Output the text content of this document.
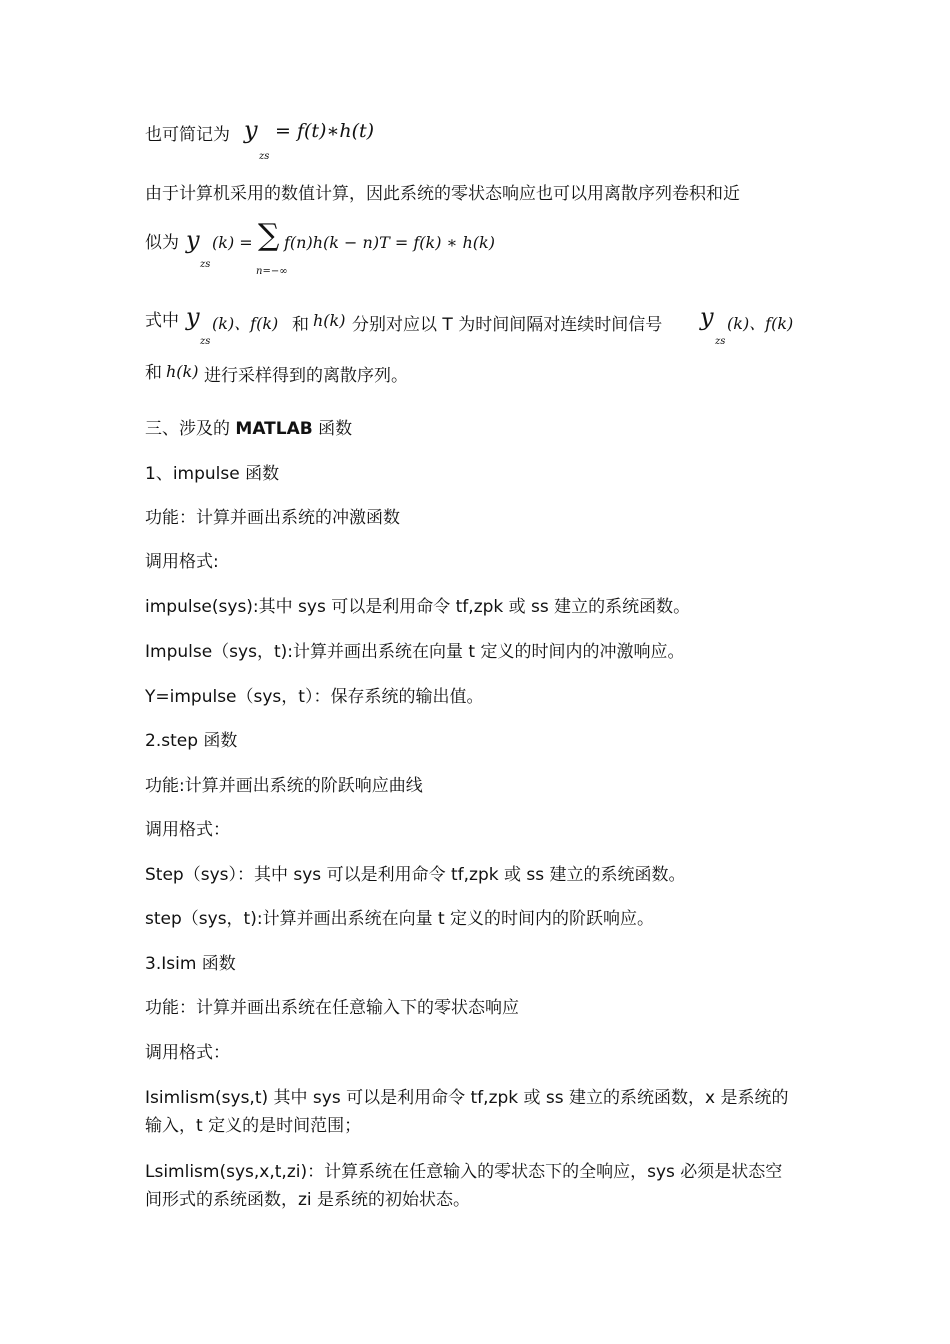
也可简记为 y
zs
= f(t)∗h(t)
由于计算机采用的数值计算，因此系统的零状态响应也可以用离散序列卷积和近
似为 y
zs
(k) = ∑
n=−∞
f(n)h(k − n)T = f(k) ∗ h(k)
式中 y
zs
(k)、f(k) 和 h(k) 分别对应以 T 为时间间隔对连续时间信号 y
zs
(k)、f(k)
和 h(k) 进行采样得到的离散序列。
三、涉及的 MATLAB 函数
1、impulse 函数
功能：计算并画出系统的冲激函数
调用格式:
impulse(sys):其中 sys 可以是利用命令 tf,zpk 或 ss 建立的系统函数。
Impulse（sys，t):计算并画出系统在向量 t 定义的时间内的冲激响应。
Y=impulse（sys，t）：保存系统的输出值。
2.step 函数
功能:计算并画出系统的阶跃响应曲线
调用格式：
Step（sys）：其中 sys 可以是利用命令 tf,zpk 或 ss 建立的系统函数。
step（sys，t):计算并画出系统在向量 t 定义的时间内的阶跃响应。
3.Isim 函数
功能：计算并画出系统在任意输入下的零状态响应
调用格式：
Isimlism(sys,t) 其中 sys 可以是利用命令 tf,zpk 或 ss 建立的系统函数，x 是系统的
输入，t 定义的是时间范围；
Lsimlism(sys,x,t,zi)：计算系统在任意输入的零状态下的全响应，sys 必须是状态空
间形式的系统函数，zi 是系统的初始状态。
